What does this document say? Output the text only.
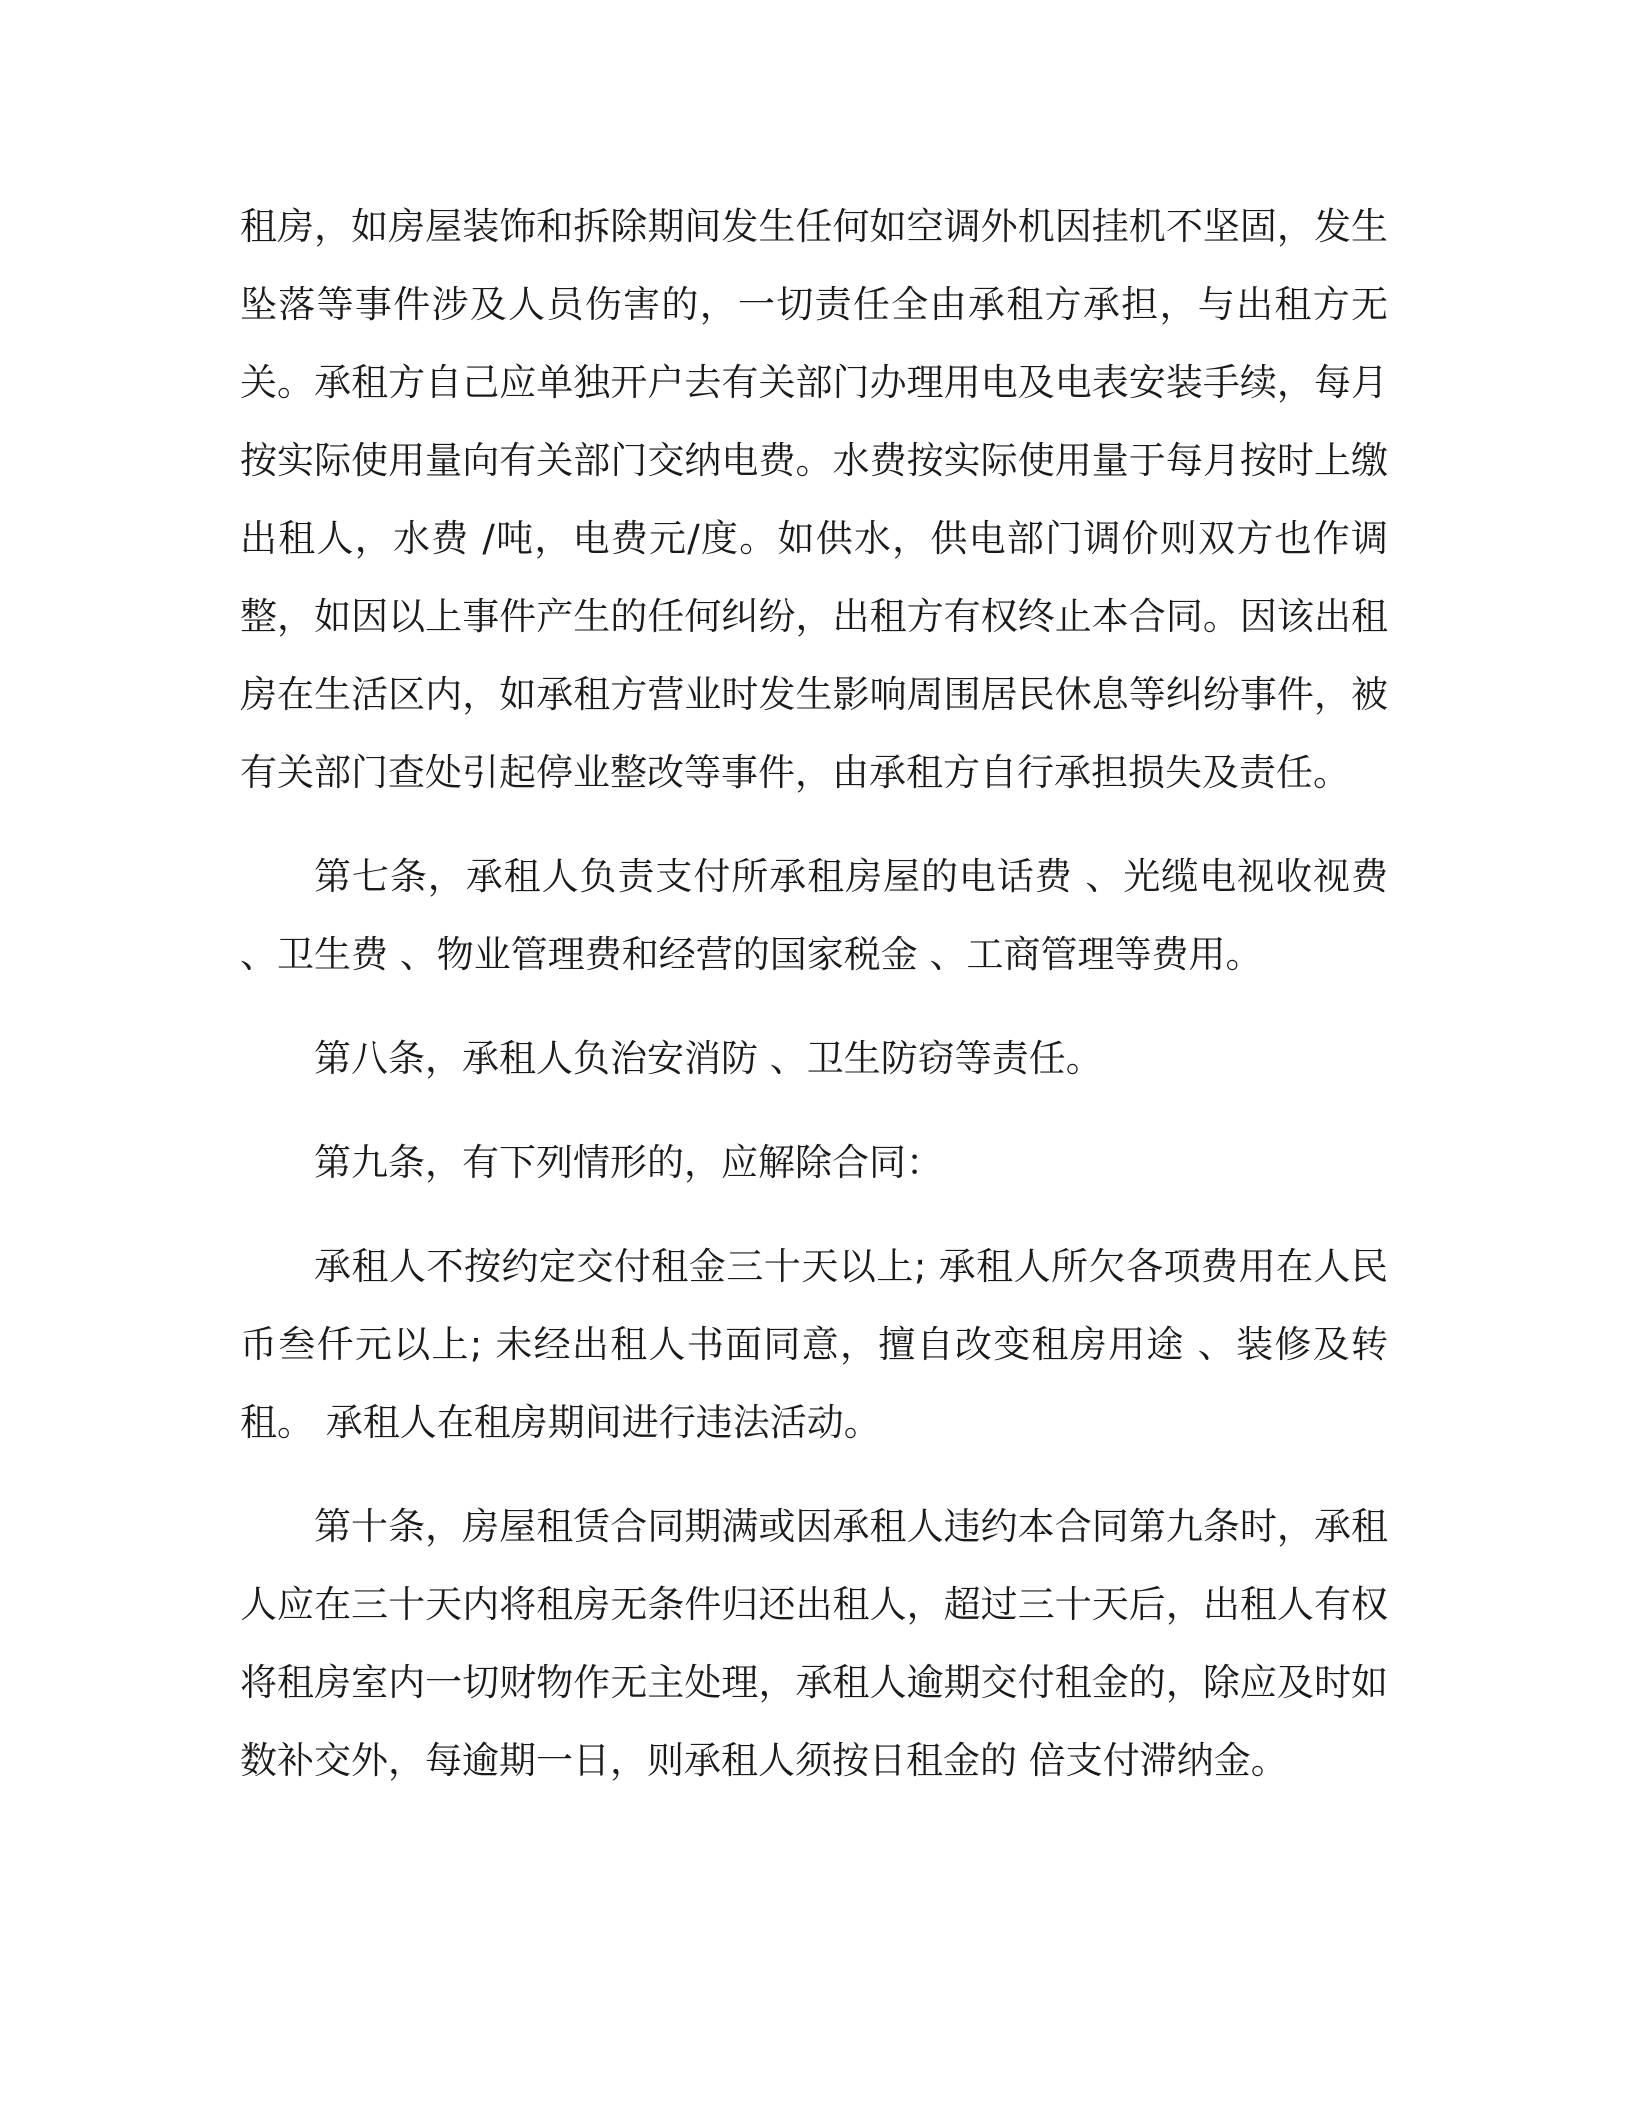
租房，如房屋装饰和拆除期间发生任何如空调外机因挂机不坚固，发生坠落等事件涉及人员伤害的，一切责任全由承租方承担，与出租方无关。承租方自己应单独开户去有关部门办理用电及电表安装手续，每月按实际使用量向有关部门交纳电费。水费按实际使用量于每月按时上缴出租人，水费 /吨，电费元/度。如供水，供电部门调价则双方也作调整，如因以上事件产生的任何纠纷，出租方有权终止本合同。因该出租房在生活区内，如承租方营业时发生影响周围居民休息等纠纷事件，被有关部门查处引起停业整改等事件，由承租方自行承担损失及责任。

第七条，承租人负责支付所承租房屋的电话费 、光缆电视收视费 、卫生费 、物业管理费和经营的国家税金 、工商管理等费用。

第八条，承租人负治安消防 、卫生防窃等责任。

第九条，有下列情形的，应解除合同：

承租人不按约定交付租金三十天以上; 承租人所欠各项费用在人民币叁仟元以上; 未经出租人书面同意，擅自改变租房用途 、装修及转租。 承租人在租房期间进行违法活动。

第十条，房屋租赁合同期满或因承租人违约本合同第九条时，承租人应在三十天内将租房无条件归还出租人，超过三十天后，出租人有权将租房室内一切财物作无主处理，承租人逾期交付租金的，除应及时如数补交外，每逾期一日，则承租人须按日租金的 倍支付滞纳金。
